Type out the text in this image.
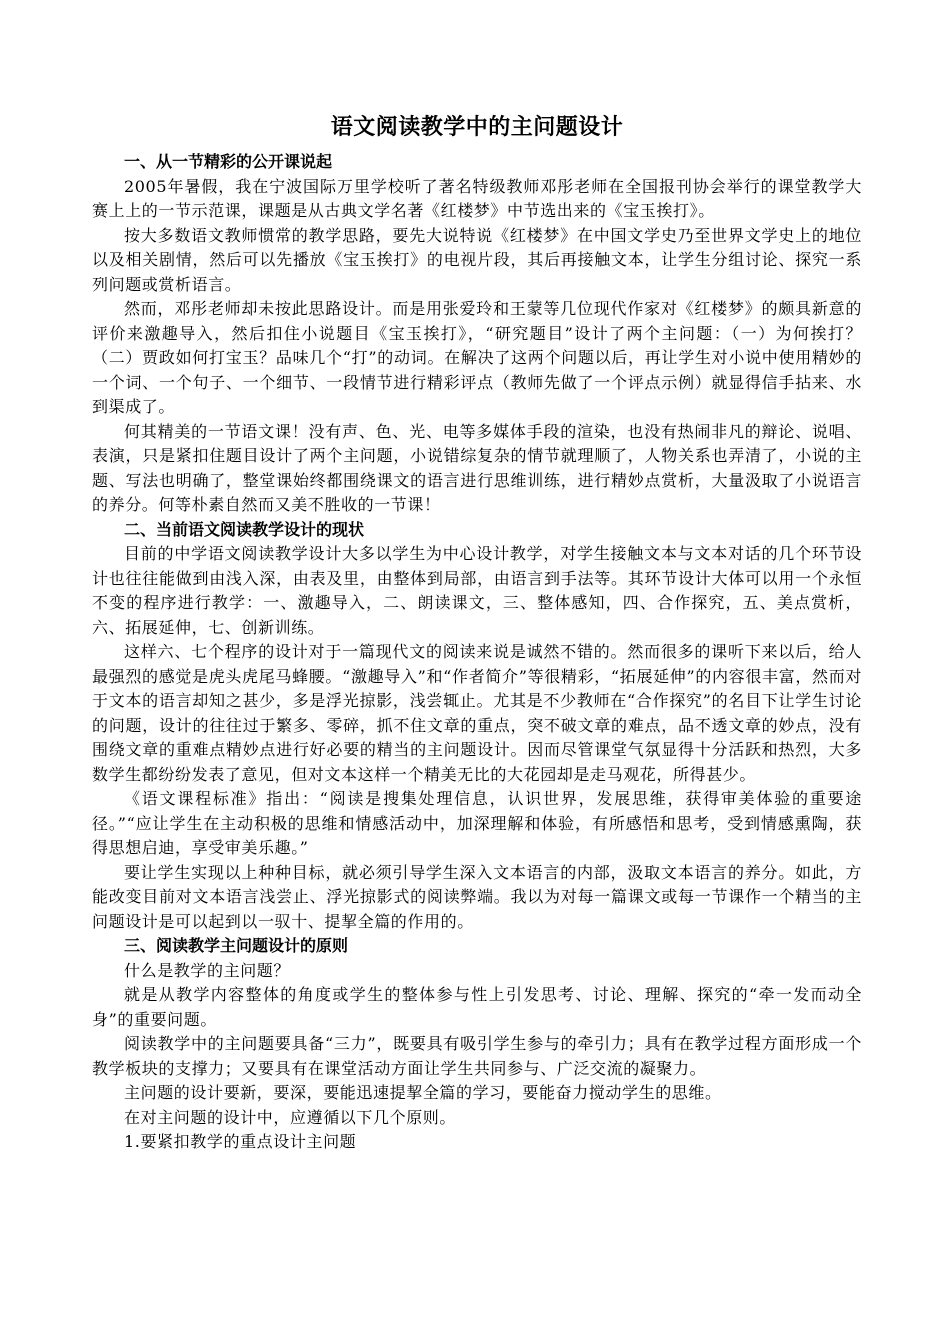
语文阅读教学中的主问题设计

一、从一节精彩的公开课说起

2005年暑假，我在宁波国际万里学校听了著名特级教师邓彤老师在全国报刊协会举行的课堂教学大赛上上的一节示范课，课题是从古典文学名著《红楼梦》中节选出来的《宝玉挨打》。

按大多数语文教师惯常的教学思路，要先大说特说《红楼梦》在中国文学史乃至世界文学史上的地位以及相关剧情，然后可以先播放《宝玉挨打》的电视片段，其后再接触文本，让学生分组讨论、探究一系列问题或赏析语言。

然而，邓彤老师却未按此思路设计。而是用张爱玲和王蒙等几位现代作家对《红楼梦》的颇具新意的评价来激趣导入，然后扣住小说题目《宝玉挨打》，“研究题目”设计了两个主问题：（一）为何挨打？（二）贾政如何打宝玉？品味几个“打”的动词。在解决了这两个问题以后，再让学生对小说中使用精妙的一个词、一个句子、一个细节、一段情节进行精彩评点（教师先做了一个评点示例）就显得信手拈来、水到渠成了。

何其精美的一节语文课！没有声、色、光、电等多媒体手段的渲染，也没有热闹非凡的辩论、说唱、表演，只是紧扣住题目设计了两个主问题，小说错综复杂的情节就理顺了，人物关系也弄清了，小说的主题、写法也明确了，整堂课始终都围绕课文的语言进行思维训练，进行精妙点赏析，大量汲取了小说语言的养分。何等朴素自然而又美不胜收的一节课！

二、当前语文阅读教学设计的现状

目前的中学语文阅读教学设计大多以学生为中心设计教学，对学生接触文本与文本对话的几个环节设计也往往能做到由浅入深，由表及里，由整体到局部，由语言到手法等。其环节设计大体可以用一个永恒不变的程序进行教学：一、激趣导入，二、朗读课文，三、整体感知，四、合作探究，五、美点赏析，六、拓展延伸，七、创新训练。

这样六、七个程序的设计对于一篇现代文的阅读来说是诚然不错的。然而很多的课听下来以后，给人最强烈的感觉是虎头虎尾马蜂腰。“激趣导入”和“作者简介”等很精彩，“拓展延伸”的内容很丰富，然而对于文本的语言却知之甚少，多是浮光掠影，浅尝辄止。尤其是不少教师在“合作探究”的名目下让学生讨论的问题，设计的往往过于繁多、零碎，抓不住文章的重点，突不破文章的难点，品不透文章的妙点，没有围绕文章的重难点精妙点进行好必要的精当的主问题设计。因而尽管课堂气氛显得十分活跃和热烈，大多数学生都纷纷发表了意见，但对文本这样一个精美无比的大花园却是走马观花，所得甚少。

《语文课程标准》指出：“阅读是搜集处理信息，认识世界，发展思维，获得审美体验的重要途径。”“应让学生在主动积极的思维和情感活动中，加深理解和体验，有所感悟和思考，受到情感熏陶，获得思想启迪，享受审美乐趣。”

要让学生实现以上种种目标，就必须引导学生深入文本语言的内部，汲取文本语言的养分。如此，方能改变目前对文本语言浅尝止、浮光掠影式的阅读弊端。我以为对每一篇课文或每一节课作一个精当的主问题设计是可以起到以一驭十、提挈全篇的作用的。

三、阅读教学主问题设计的原则

什么是教学的主问题？

就是从教学内容整体的角度或学生的整体参与性上引发思考、讨论、理解、探究的“牵一发而动全身”的重要问题。

阅读教学中的主问题要具备“三力”，既要具有吸引学生参与的牵引力；具有在教学过程方面形成一个教学板块的支撑力；又要具有在课堂活动方面让学生共同参与、广泛交流的凝聚力。

主问题的设计要新，要深，要能迅速提挈全篇的学习，要能奋力搅动学生的思维。

在对主问题的设计中，应遵循以下几个原则。

1.要紧扣教学的重点设计主问题
